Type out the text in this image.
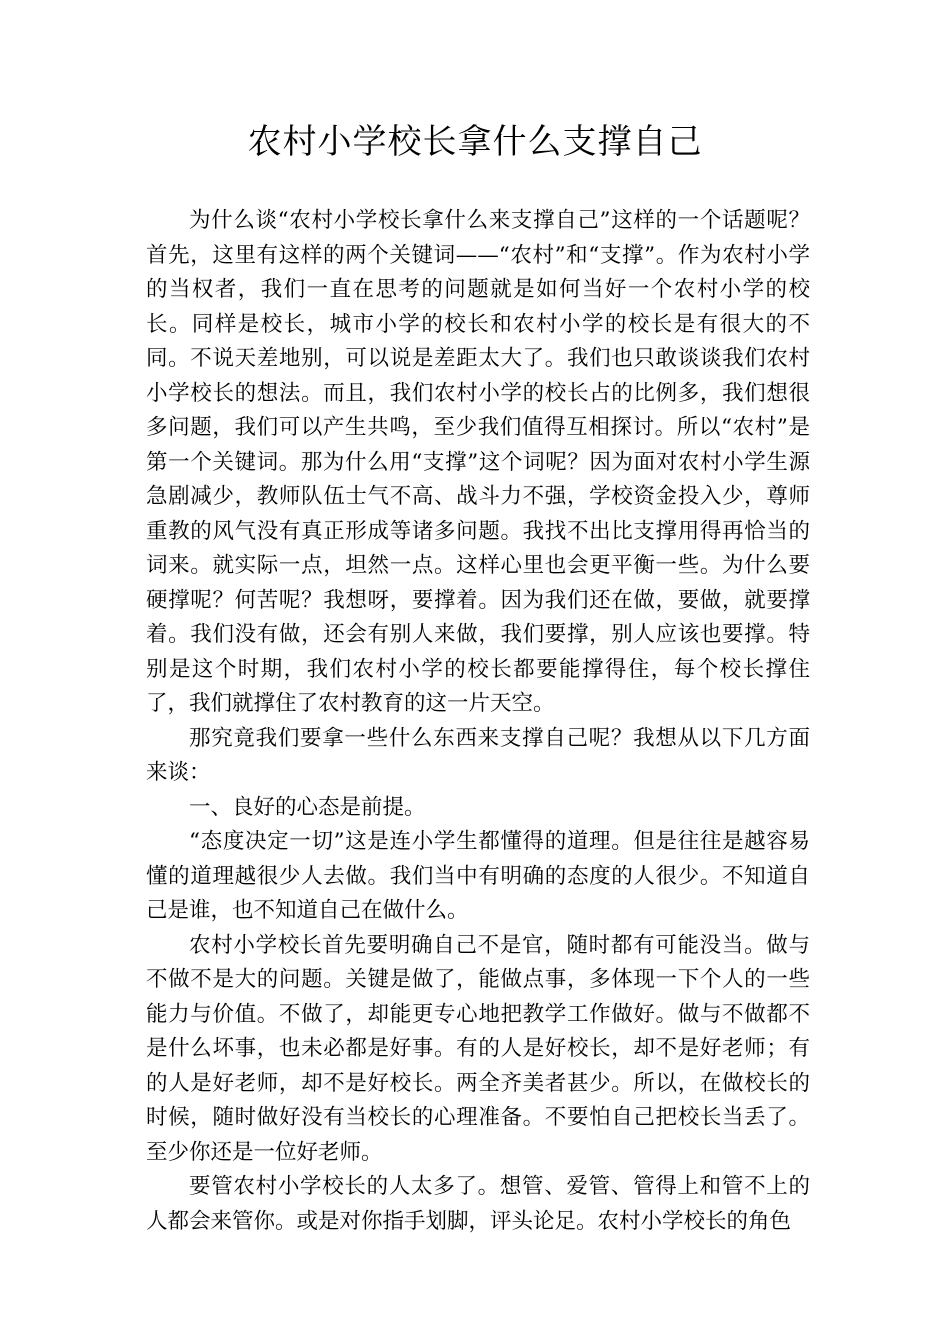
农村小学校长拿什么支撑自己

为什么谈“农村小学校长拿什么来支撑自己”这样的一个话题呢？首先，这里有这样的两个关键词——“农村”和“支撑”。作为农村小学的当权者，我们一直在思考的问题就是如何当好一个农村小学的校长。同样是校长，城市小学的校长和农村小学的校长是有很大的不同。不说天差地别，可以说是差距太大了。我们也只敢谈谈我们农村小学校长的想法。而且，我们农村小学的校长占的比例多，我们想很多问题，我们可以产生共鸣，至少我们值得互相探讨。所以“农村”是第一个关键词。那为什么用“支撑”这个词呢？因为面对农村小学生源急剧减少，教师队伍士气不高、战斗力不强，学校资金投入少，尊师重教的风气没有真正形成等诸多问题。我找不出比支撑用得再恰当的词来。就实际一点，坦然一点。这样心里也会更平衡一些。为什么要硬撑呢？何苦呢？我想呀，要撑着。因为我们还在做，要做，就要撑着。我们没有做，还会有别人来做，我们要撑，别人应该也要撑。特别是这个时期，我们农村小学的校长都要能撑得住，每个校长撑住了，我们就撑住了农村教育的这一片天空。

那究竟我们要拿一些什么东西来支撑自己呢？我想从以下几方面来谈：

一、良好的心态是前提。

“态度决定一切”这是连小学生都懂得的道理。但是往往是越容易懂的道理越很少人去做。我们当中有明确的态度的人很少。不知道自己是谁，也不知道自己在做什么。

农村小学校长首先要明确自己不是官，随时都有可能没当。做与不做不是大的问题。关键是做了，能做点事，多体现一下个人的一些能力与价值。不做了，却能更专心地把教学工作做好。做与不做都不是什么坏事，也未必都是好事。有的人是好校长，却不是好老师；有的人是好老师，却不是好校长。两全齐美者甚少。所以，在做校长的时候，随时做好没有当校长的心理准备。不要怕自己把校长当丢了。至少你还是一位好老师。

要管农村小学校长的人太多了。想管、爱管、管得上和管不上的人都会来管你。或是对你指手划脚，评头论足。农村小学校长的角色
